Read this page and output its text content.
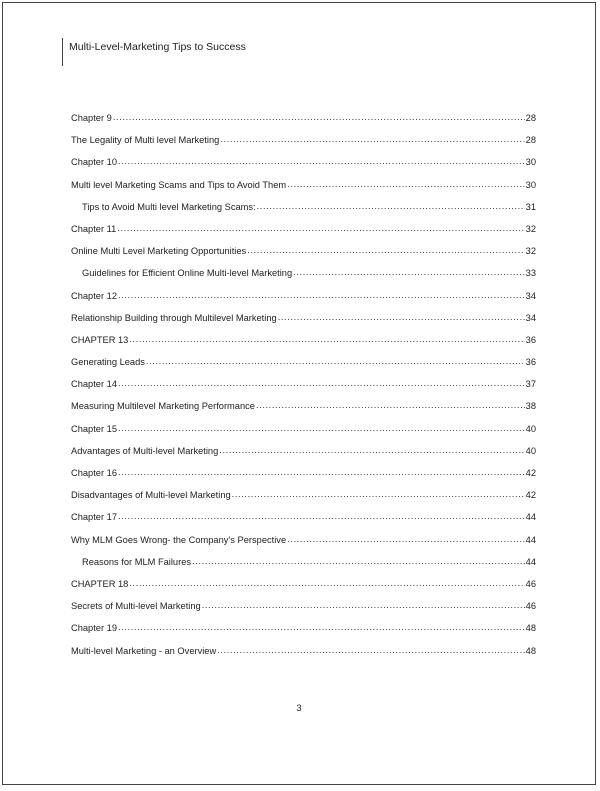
Multi-Level-Marketing Tips to Success
Chapter 9 .....	28
The Legality of Multi level Marketing .....	28
Chapter 10 .....	30
Multi level Marketing Scams and Tips to Avoid Them .....	30
Tips to Avoid Multi level Marketing Scams: .....	31
Chapter 11 .....	32
Online Multi Level Marketing Opportunities .....	32
Guidelines for Efficient Online Multi-level Marketing .....	33
Chapter 12 .....	34
Relationship Building through Multilevel Marketing .....	34
CHAPTER 13 .....	36
Generating Leads .....	36
Chapter 14 .....	37
Measuring Multilevel Marketing Performance .....	38
Chapter 15 .....	40
Advantages of Multi-level Marketing .....	40
Chapter 16 .....	42
Disadvantages of Multi-level Marketing .....	42
Chapter 17 .....	44
Why MLM Goes Wrong- the Company’s Perspective .....	44
Reasons for MLM Failures .....	44
CHAPTER 18 .....	46
Secrets of Multi-level Marketing .....	46
Chapter 19 .....	48
Multi-level Marketing - an Overview .....	48
3
